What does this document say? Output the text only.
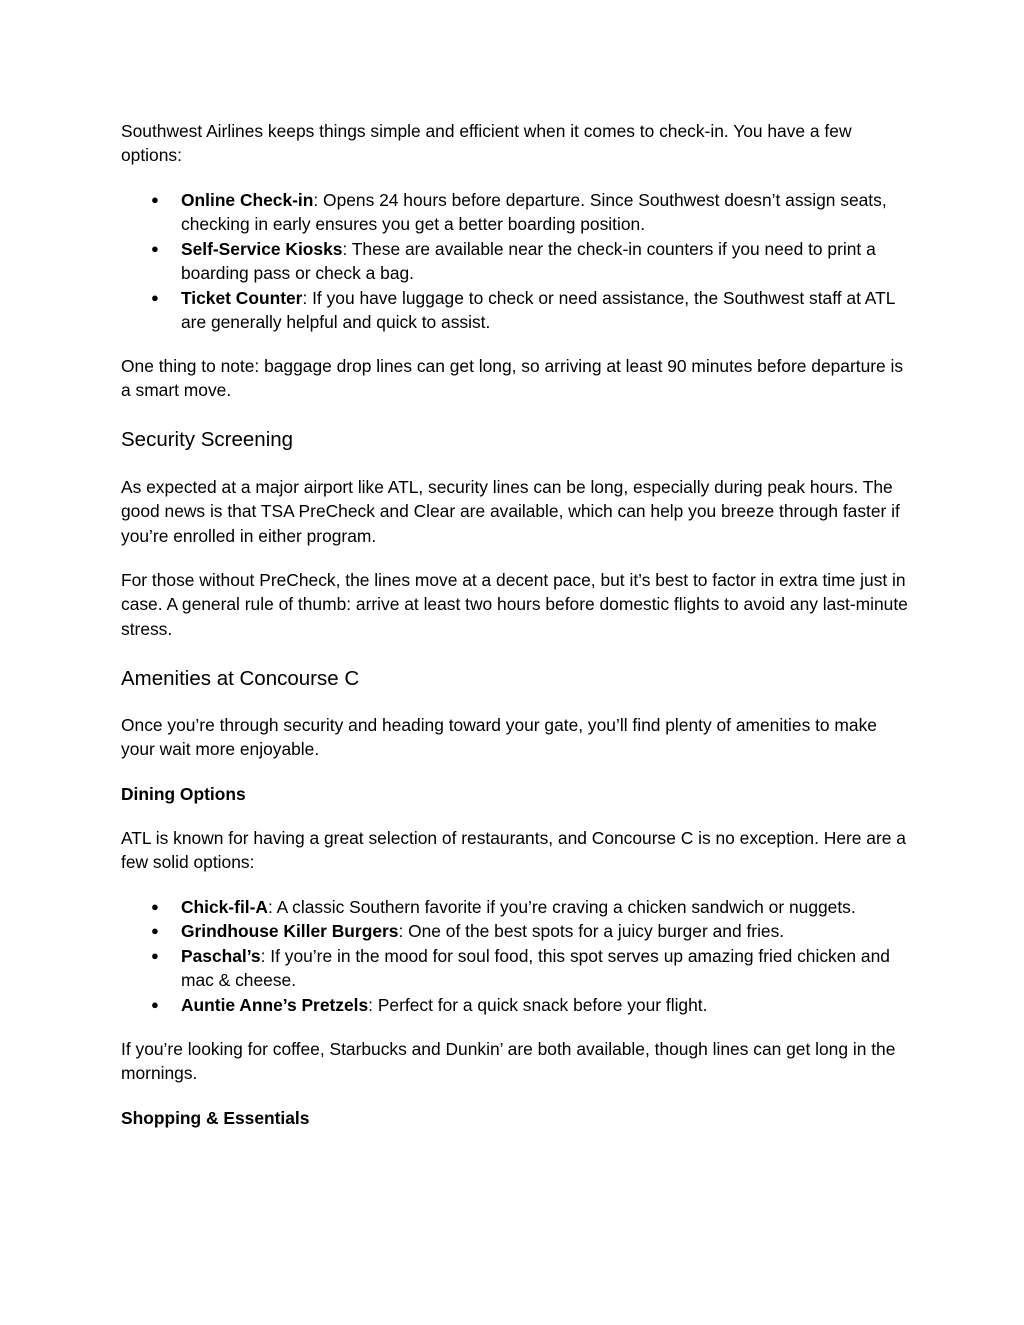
Southwest Airlines keeps things simple and efficient when it comes to check-in. You have a few options:

● Online Check-in: Opens 24 hours before departure. Since Southwest doesn’t assign seats, checking in early ensures you get a better boarding position.
● Self-Service Kiosks: These are available near the check-in counters if you need to print a boarding pass or check a bag.
● Ticket Counter: If you have luggage to check or need assistance, the Southwest staff at ATL are generally helpful and quick to assist.

One thing to note: baggage drop lines can get long, so arriving at least 90 minutes before departure is a smart move.

Security Screening

As expected at a major airport like ATL, security lines can be long, especially during peak hours. The good news is that TSA PreCheck and Clear are available, which can help you breeze through faster if you’re enrolled in either program.

For those without PreCheck, the lines move at a decent pace, but it’s best to factor in extra time just in case. A general rule of thumb: arrive at least two hours before domestic flights to avoid any last-minute stress.

Amenities at Concourse C

Once you’re through security and heading toward your gate, you’ll find plenty of amenities to make your wait more enjoyable.

Dining Options

ATL is known for having a great selection of restaurants, and Concourse C is no exception. Here are a few solid options:

● Chick-fil-A: A classic Southern favorite if you’re craving a chicken sandwich or nuggets.
● Grindhouse Killer Burgers: One of the best spots for a juicy burger and fries.
● Paschal’s: If you’re in the mood for soul food, this spot serves up amazing fried chicken and mac & cheese.
● Auntie Anne’s Pretzels: Perfect for a quick snack before your flight.

If you’re looking for coffee, Starbucks and Dunkin’ are both available, though lines can get long in the mornings.

Shopping & Essentials
